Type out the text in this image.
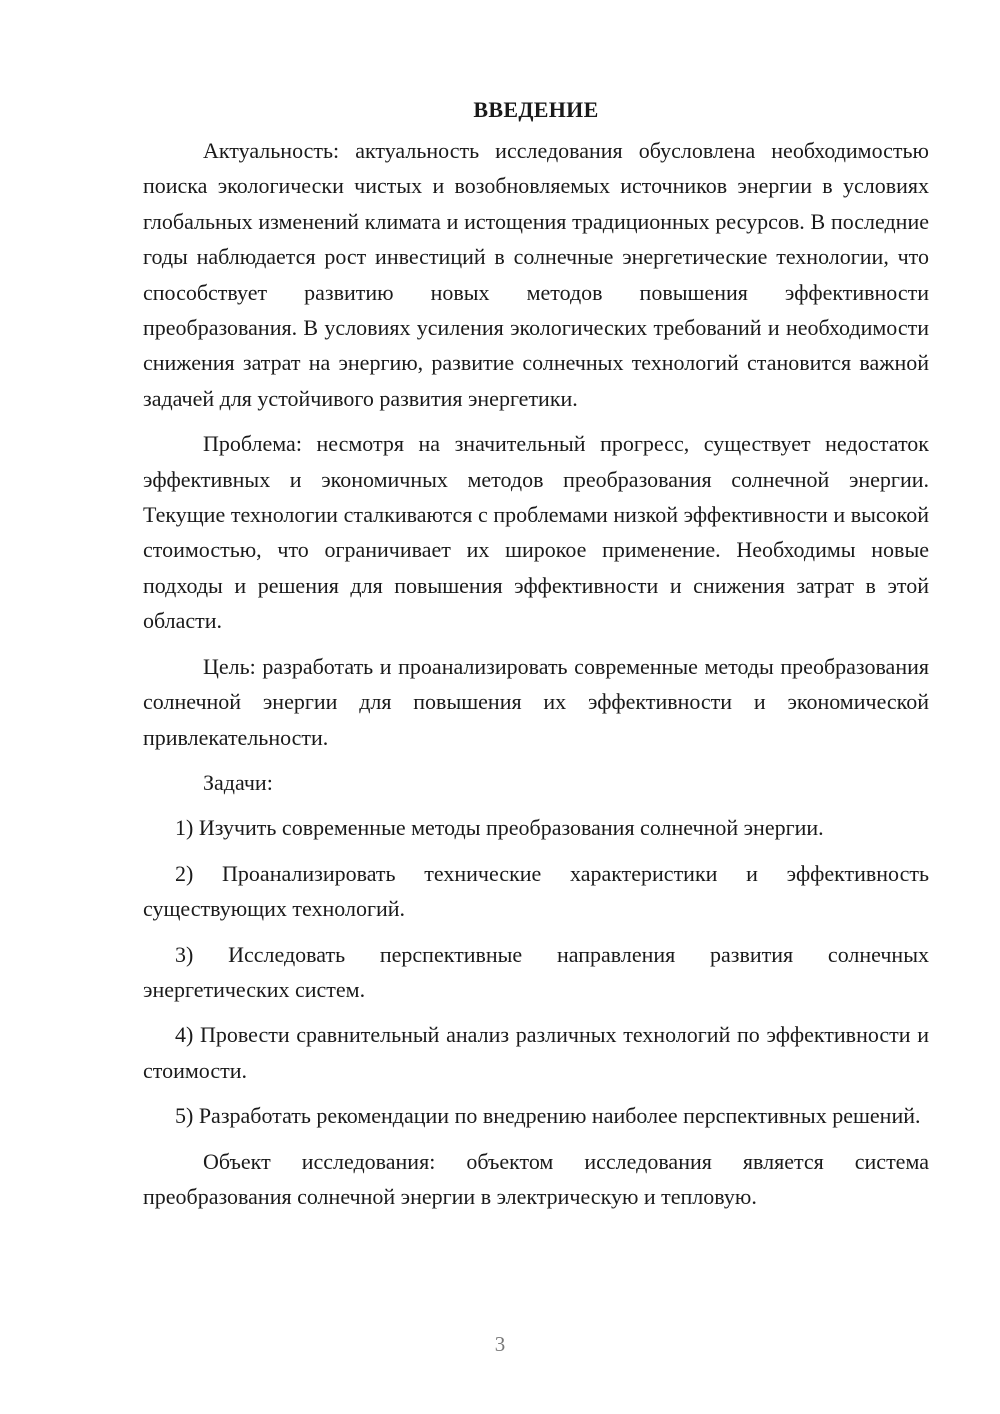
ВВЕДЕНИЕ

Актуальность: актуальность исследования обусловлена необходимостью поиска экологически чистых и возобновляемых источников энергии в условиях глобальных изменений климата и истощения традиционных ресурсов. В последние годы наблюдается рост инвестиций в солнечные энергетические технологии, что способствует развитию новых методов повышения эффективности преобразования. В условиях усиления экологических требований и необходимости снижения затрат на энергию, развитие солнечных технологий становится важной задачей для устойчивого развития энергетики.

Проблема: несмотря на значительный прогресс, существует недостаток эффективных и экономичных методов преобразования солнечной энергии. Текущие технологии сталкиваются с проблемами низкой эффективности и высокой стоимостью, что ограничивает их широкое применение. Необходимы новые подходы и решения для повышения эффективности и снижения затрат в этой области.

Цель: разработать и проанализировать современные методы преобразования солнечной энергии для повышения их эффективности и экономической привлекательности.

Задачи:

1) Изучить современные методы преобразования солнечной энергии.

2) Проанализировать технические характеристики и эффективность существующих технологий.

3) Исследовать перспективные направления развития солнечных энергетических систем.

4) Провести сравнительный анализ различных технологий по эффективности и стоимости.

5) Разработать рекомендации по внедрению наиболее перспективных решений.

Объект исследования: объектом исследования является система преобразования солнечной энергии в электрическую и тепловую.

3
